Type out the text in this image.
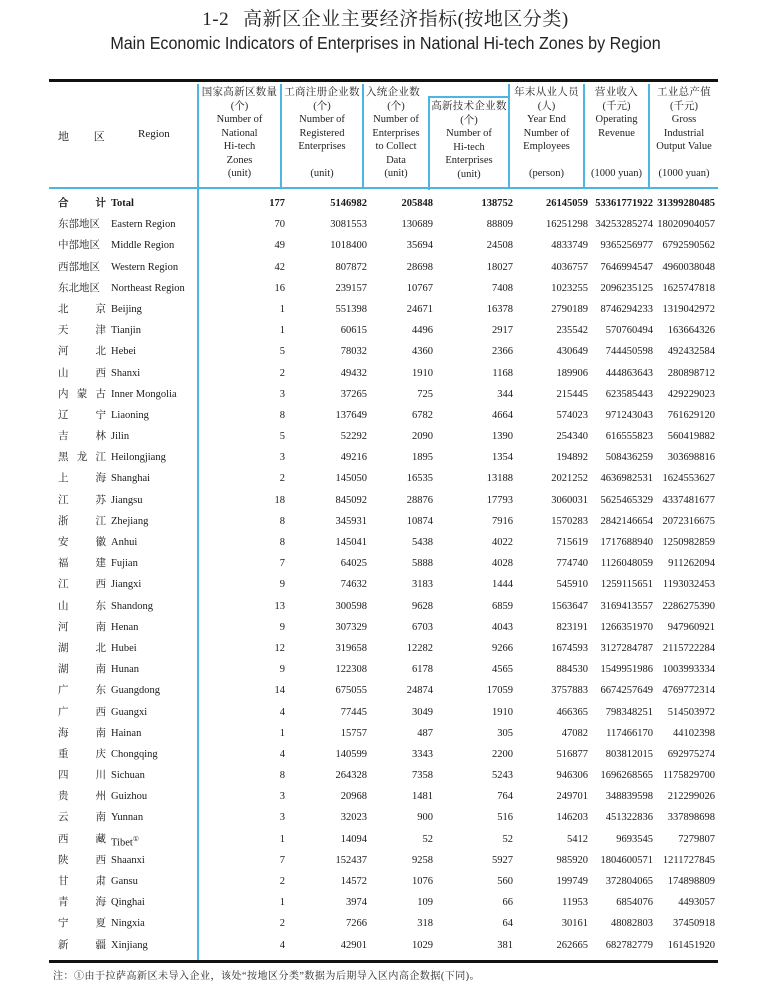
1-2 高新区企业主要经济指标(按地区分类)
Main Economic Indicators of Enterprises in National Hi-tech Zones by Region
地 区	Region
国家高新区数量
(个)
Number of
National
Hi-tech
Zones
(unit)
工商注册企业数
(个)
Number of
Registered
Enterprises
(unit)
入统企业数
(个)
Number of
Enterprises
to Collect
Data
(unit)
高新技术企业数
(个)
Number of
Hi-tech
Enterprises
(unit)
年末从业人员
(人)
Year End
Number of
Employees
(person)
营业收入
(千元)
Operating
Revenue
(1000 yuan)
工业总产值
(千元)
Gross
Industrial
Output Value
(1000 yuan)
合	计 Total	177	5146982	205848	138752	26145059 53361771922 31399280485
东部地区 Eastern Region	70	3081553	130689	88809	16251298 34253285274 18020904057
中部地区 Middle Region	49	1018400	35694	24508	4833749 9365256977 6792590562
西部地区 Western Region	42	807872	28698	18027	4036757 7646994547 4960038048
东北地区 Northeast Region	16	239157	10767	7408	1023255 2096235125 1625747818
北	京 Beijing	1	551398	24671	16378	2790189 8746294233 1319042972
天	津 Tianjin	1	60615	4496	2917	235542 570760494 163664326
河	北 Hebei	5	78032	4360	2366	430649 744450598 492432584
山	西 Shanxi	2	49432	1910	1168	189906 444863643 280898712
内 蒙 古 Inner Mongolia	3	37265	725	344	215445 623585443 429229023
辽	宁 Liaoning	8	137649	6782	4664	574023 971243043 761629120
吉	林 Jilin	5	52292	2090	1390	254340 616555823 560419882
黑 龙 江 Heilongjiang	3	49216	1895	1354	194892 508436259 303698816
上	海 Shanghai	2	145050	16535	13188	2021252 4636982531 1624553627
江	苏 Jiangsu	18	845092	28876	17793	3060031 5625465329 4337481677
浙	江 Zhejiang	8	345931	10874	7916	1570283 2842146654 2072316675
安	徽 Anhui	8	145041	5438	4022	715619 1717688940 1250982859
福	建 Fujian	7	64025	5888	4028	774740 1126048059 911262094
江	西 Jiangxi	9	74632	3183	1444	545910 1259115651 1193032453
山	东 Shandong	13	300598	9628	6859	1563647 3169413557 2286275390
河	南 Henan	9	307329	6703	4043	823191 1266351970 947960921
湖	北 Hubei	12	319658	12282	9266	1674593 3127284787 2115722284
湖	南 Hunan	9	122308	6178	4565	884530 1549951986 1003993334
广	东 Guangdong	14	675055	24874	17059	3757883 6674257649 4769772314
广	西 Guangxi	4	77445	3049	1910	466365 798348251 514503972
海	南 Hainan	1	15757	487	305	47082 117466170 44102398
重	庆 Chongqing	4	140599	3343	2200	516877 803812015 692975274
四	川 Sichuan	8	264328	7358	5243	946306 1696268565 1175829700
贵	州 Guizhou	3	20968	1481	764	249701 348839598 212299026
云	南 Yunnan	3	32023	900	516	146203 451322836 337898698
西	藏 Tibet①	1	14094	52	52	5412	9693545 7279807
陕	西 Shaanxi	7	152437	9258	5927	985920 1804600571 1211727845
甘	肃 Gansu	2	14572	1076	560	199749 372804065 174898809
青	海 Qinghai	1	3974	109	66	11953	6854076 4493057
宁	夏 Ningxia	2	7266	318	64	30161 48082803 37450918
新	疆 Xinjiang	4	42901	1029	381	262665 682782779 161451920
注：①由于拉萨高新区未导入企业，该处“按地区分类”数据为后期导入区内高企数据(下同)。
